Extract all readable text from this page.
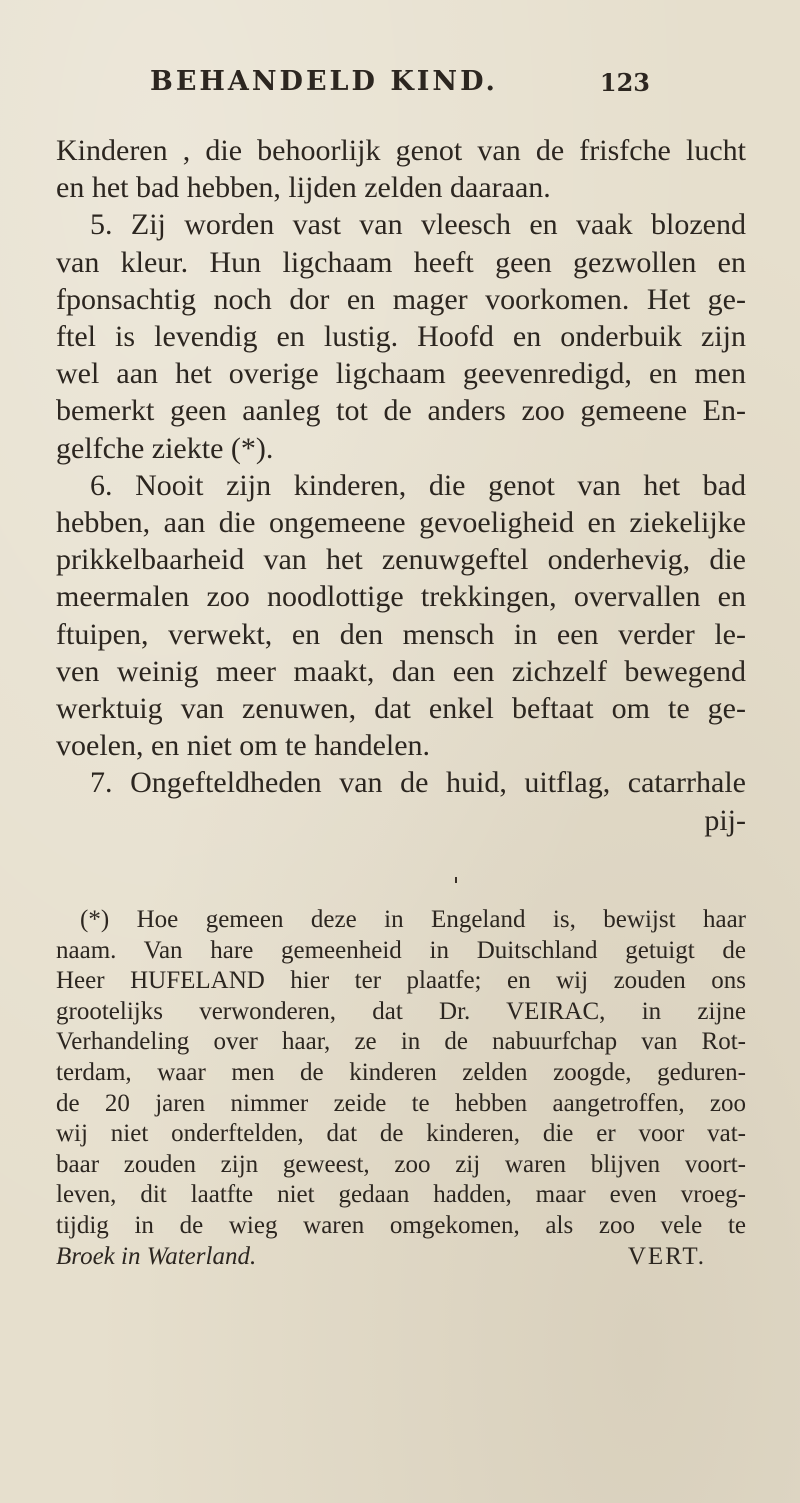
BEHANDELD KIND.	123
Kinderen , die behoorlijk genot van de frisfche lucht
en het bad hebben, lijden zelden daaraan.
5. Zij worden vast van vleesch en vaak blozend
van kleur. Hun ligchaam heeft geen gezwollen en
fponsachtig noch dor en mager voorkomen. Het ge-
ftel is levendig en lustig. Hoofd en onderbuik zijn
wel aan het overige ligchaam geevenredigd, en men
bemerkt geen aanleg tot de anders zoo gemeene En-
gelfche ziekte (*).
6. Nooit zijn kinderen, die genot van het bad
hebben, aan die ongemeene gevoeligheid en ziekelijke
prikkelbaarheid van het zenuwgeftel onderhevig, die
meermalen zoo noodlottige trekkingen, overvallen en
ftuipen, verwekt, en den mensch in een verder le-
ven weinig meer maakt, dan een zichzelf bewegend
werktuig van zenuwen, dat enkel beftaat om te ge-
voelen, en niet om te handelen.
7. Ongefteldheden van de huid, uitflag, catarrhale
pij-
(*) Hoe gemeen deze in Engeland is, bewijst haar
naam. Van hare gemeenheid in Duitschland getuigt de
Heer HUFELAND hier ter plaatfe; en wij zouden ons
grootelijks verwonderen, dat Dr. VEIRAC, in zijne
Verhandeling over haar, ze in de nabuurfchap van Rot-
terdam, waar men de kinderen zelden zoogde, geduren-
de 20 jaren nimmer zeide te hebben aangetroffen, zoo
wij niet onderftelden, dat de kinderen, die er voor vat-
baar zouden zijn geweest, zoo zij waren blijven voort-
leven, dit laatfte niet gedaan hadden, maar even vroeg-
tijdig in de wieg waren omgekomen, als zoo vele te
Broek in Waterland.	VERT.
